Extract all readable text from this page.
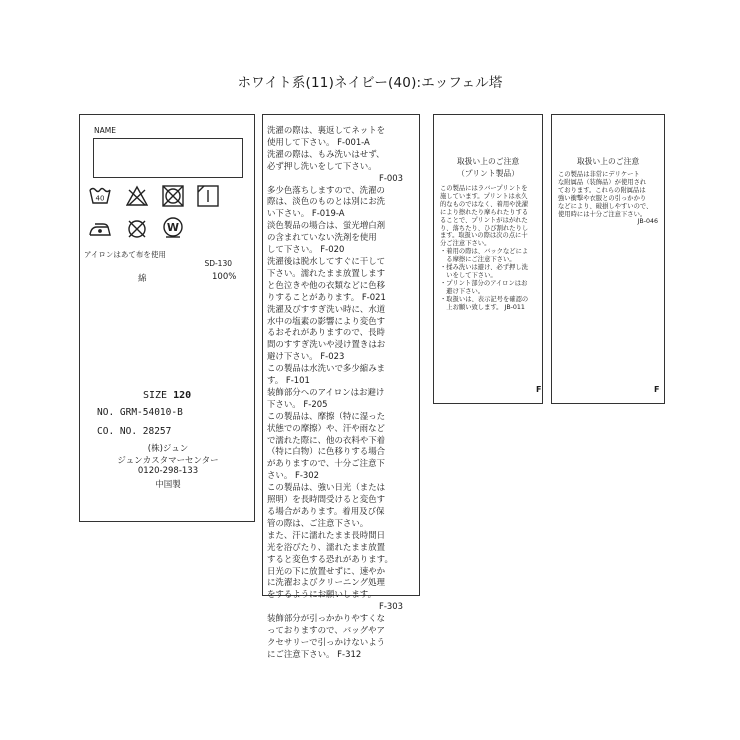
ホワイト系(11)ネイビー(40):エッフェル塔
NAME
40
W
アイロンはあて布を使用
SD-130
綿	100%
SIZE 120
NO. GRM-54010-B
CO. NO. 28257
(株)ジュン
ジュンカスタマーセンター
0120-298-133
中国製
洗濯の際は、裏返してネットを
使用して下さい。 F-001-A
洗濯の際は、もみ洗いはせず、
必ず押し洗いをして下さい。
F-003
多少色落ちしますので、洗濯の
際は、淡色のものとは別にお洗
い下さい。 F-019-A
淡色製品の場合は、蛍光増白剤
の含まれていない洗剤を使用
して下さい。 F-020
洗濯後は脱水してすぐに干して
下さい。濡れたまま放置します
と色泣きや他の衣類などに色移
りすることがあります。 F-021
洗濯及びすすぎ洗い時に、水道
水中の塩素の影響により変色す
るおそれがありますので、長時
間のすすぎ洗いや浸け置きはお
避け下さい。 F-023
この製品は水洗いで多少縮みま
す。 F-101
装飾部分へのアイロンはお避け
下さい。 F-205
この製品は、摩擦（特に湿った
状態での摩擦）や、汗や雨など
で濡れた際に、他の衣料や下着
（特に白物）に色移りする場合
がありますので、十分ご注意下
さい。 F-302
この製品は、強い日光（または
照明）を長時間受けると変色す
る場合があります。着用及び保
管の際は、ご注意下さい。
また、汗に濡れたまま長時間日
光を浴びたり、濡れたまま放置
すると変色する恐れがあります。
日光の下に放置せずに、速やか
に洗濯およびクリーニング処理
をするようにお願いします。
F-303
装飾部分が引っかかりやすくな
っておりますので、バッグやア
クセサリーで引っかけないよう
にご注意下さい。 F-312
取扱い上のご注意
（プリント製品）
この製品にはラバープリントを
施しています。プリントは永久
的なものではなく、着用や洗濯
により擦れたり摩られたりする
ることで、プリントがはがれた
り、落ちたり、ひび割れたりし
ます。取扱いの際は次の点に十
分ご注意下さい。
・着用の際は、バックなどによ
　る摩擦にご注意下さい。
・揉み洗いは避け、必ず押し洗
　いをして下さい。
・プリント部分のアイロンはお
　避け下さい。
・取扱いは、表示記号を確認の
　上お願い致します。 JB-011
F
取扱い上のご注意
この製品は非常にデリケート
な附属品（装飾品）が使用され
ております。これらの附属品は
強い衝撃や衣服との引っかかり
などにより、破損しやすいので、
使用時には十分ご注意下さい。
JB-046
F
